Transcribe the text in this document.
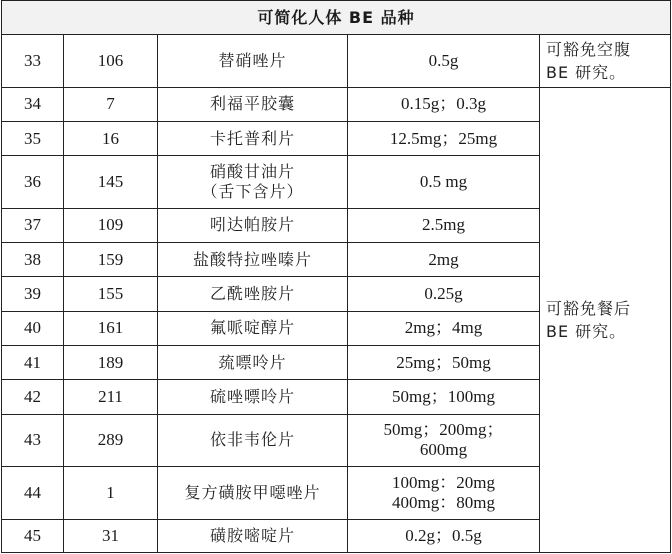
可简化人体 BE 品种				
33	106	替硝唑片	0.5g	可豁免空腹
BE 研究。

34	7	利福平胶囊	0.15g；0.3g	可豁免餐后
BE 研究。

35	16	卡托普利片	12.5mg；25mg	

36	145	硝酸甘油片
（舌下含片）	0.5 mg	

37	109	吲达帕胺片	2.5mg	

38	159	盐酸特拉唑嗪片	2mg	

39	155	乙酰唑胺片	0.25g	

40	161	氟哌啶醇片	2mg；4mg	

41	189	巯嘌呤片	25mg；50mg	

42	211	硫唑嘌呤片	50mg；100mg	

43	289	依非韦伦片	50mg；200mg；
600mg	

44	1	复方磺胺甲噁唑片	100mg：20mg
400mg：80mg	

45	31	磺胺嘧啶片	0.2g；0.5g	
